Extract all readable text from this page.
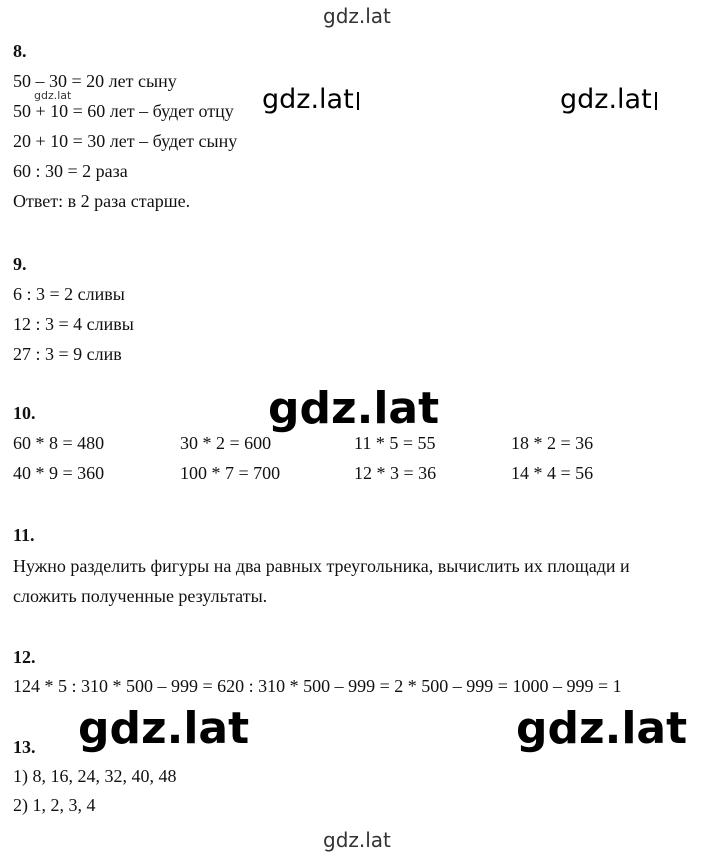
gdz.lat
gdz.lat	gdz.lat	gdz.lat
gdz.lat
gdz.lat	gdz.lat
gdz.lat
8.
50 – 30 = 20 лет сыну
50 + 10 = 60 лет – будет отцу
20 + 10 = 30 лет – будет сыну
60 : 30 = 2 раза
Ответ: в 2 раза старше.
9.
6 : 3 = 2 сливы
12 : 3 = 4 сливы
27 : 3 = 9 слив
10.
60 * 8 = 480	30 * 2 = 600	11 * 5 = 55	18 * 2 = 36
40 * 9 = 360	100 * 7 = 700	12 * 3 = 36	14 * 4 = 56
11.
Нужно разделить фигуры на два равных треугольника, вычислить их площади и
сложить полученные результаты.
12.
124 * 5 : 310 * 500 – 999 = 620 : 310 * 500 – 999 = 2 * 500 – 999 = 1000 – 999 = 1
13.
1) 8, 16, 24, 32, 40, 48
2) 1, 2, 3, 4
